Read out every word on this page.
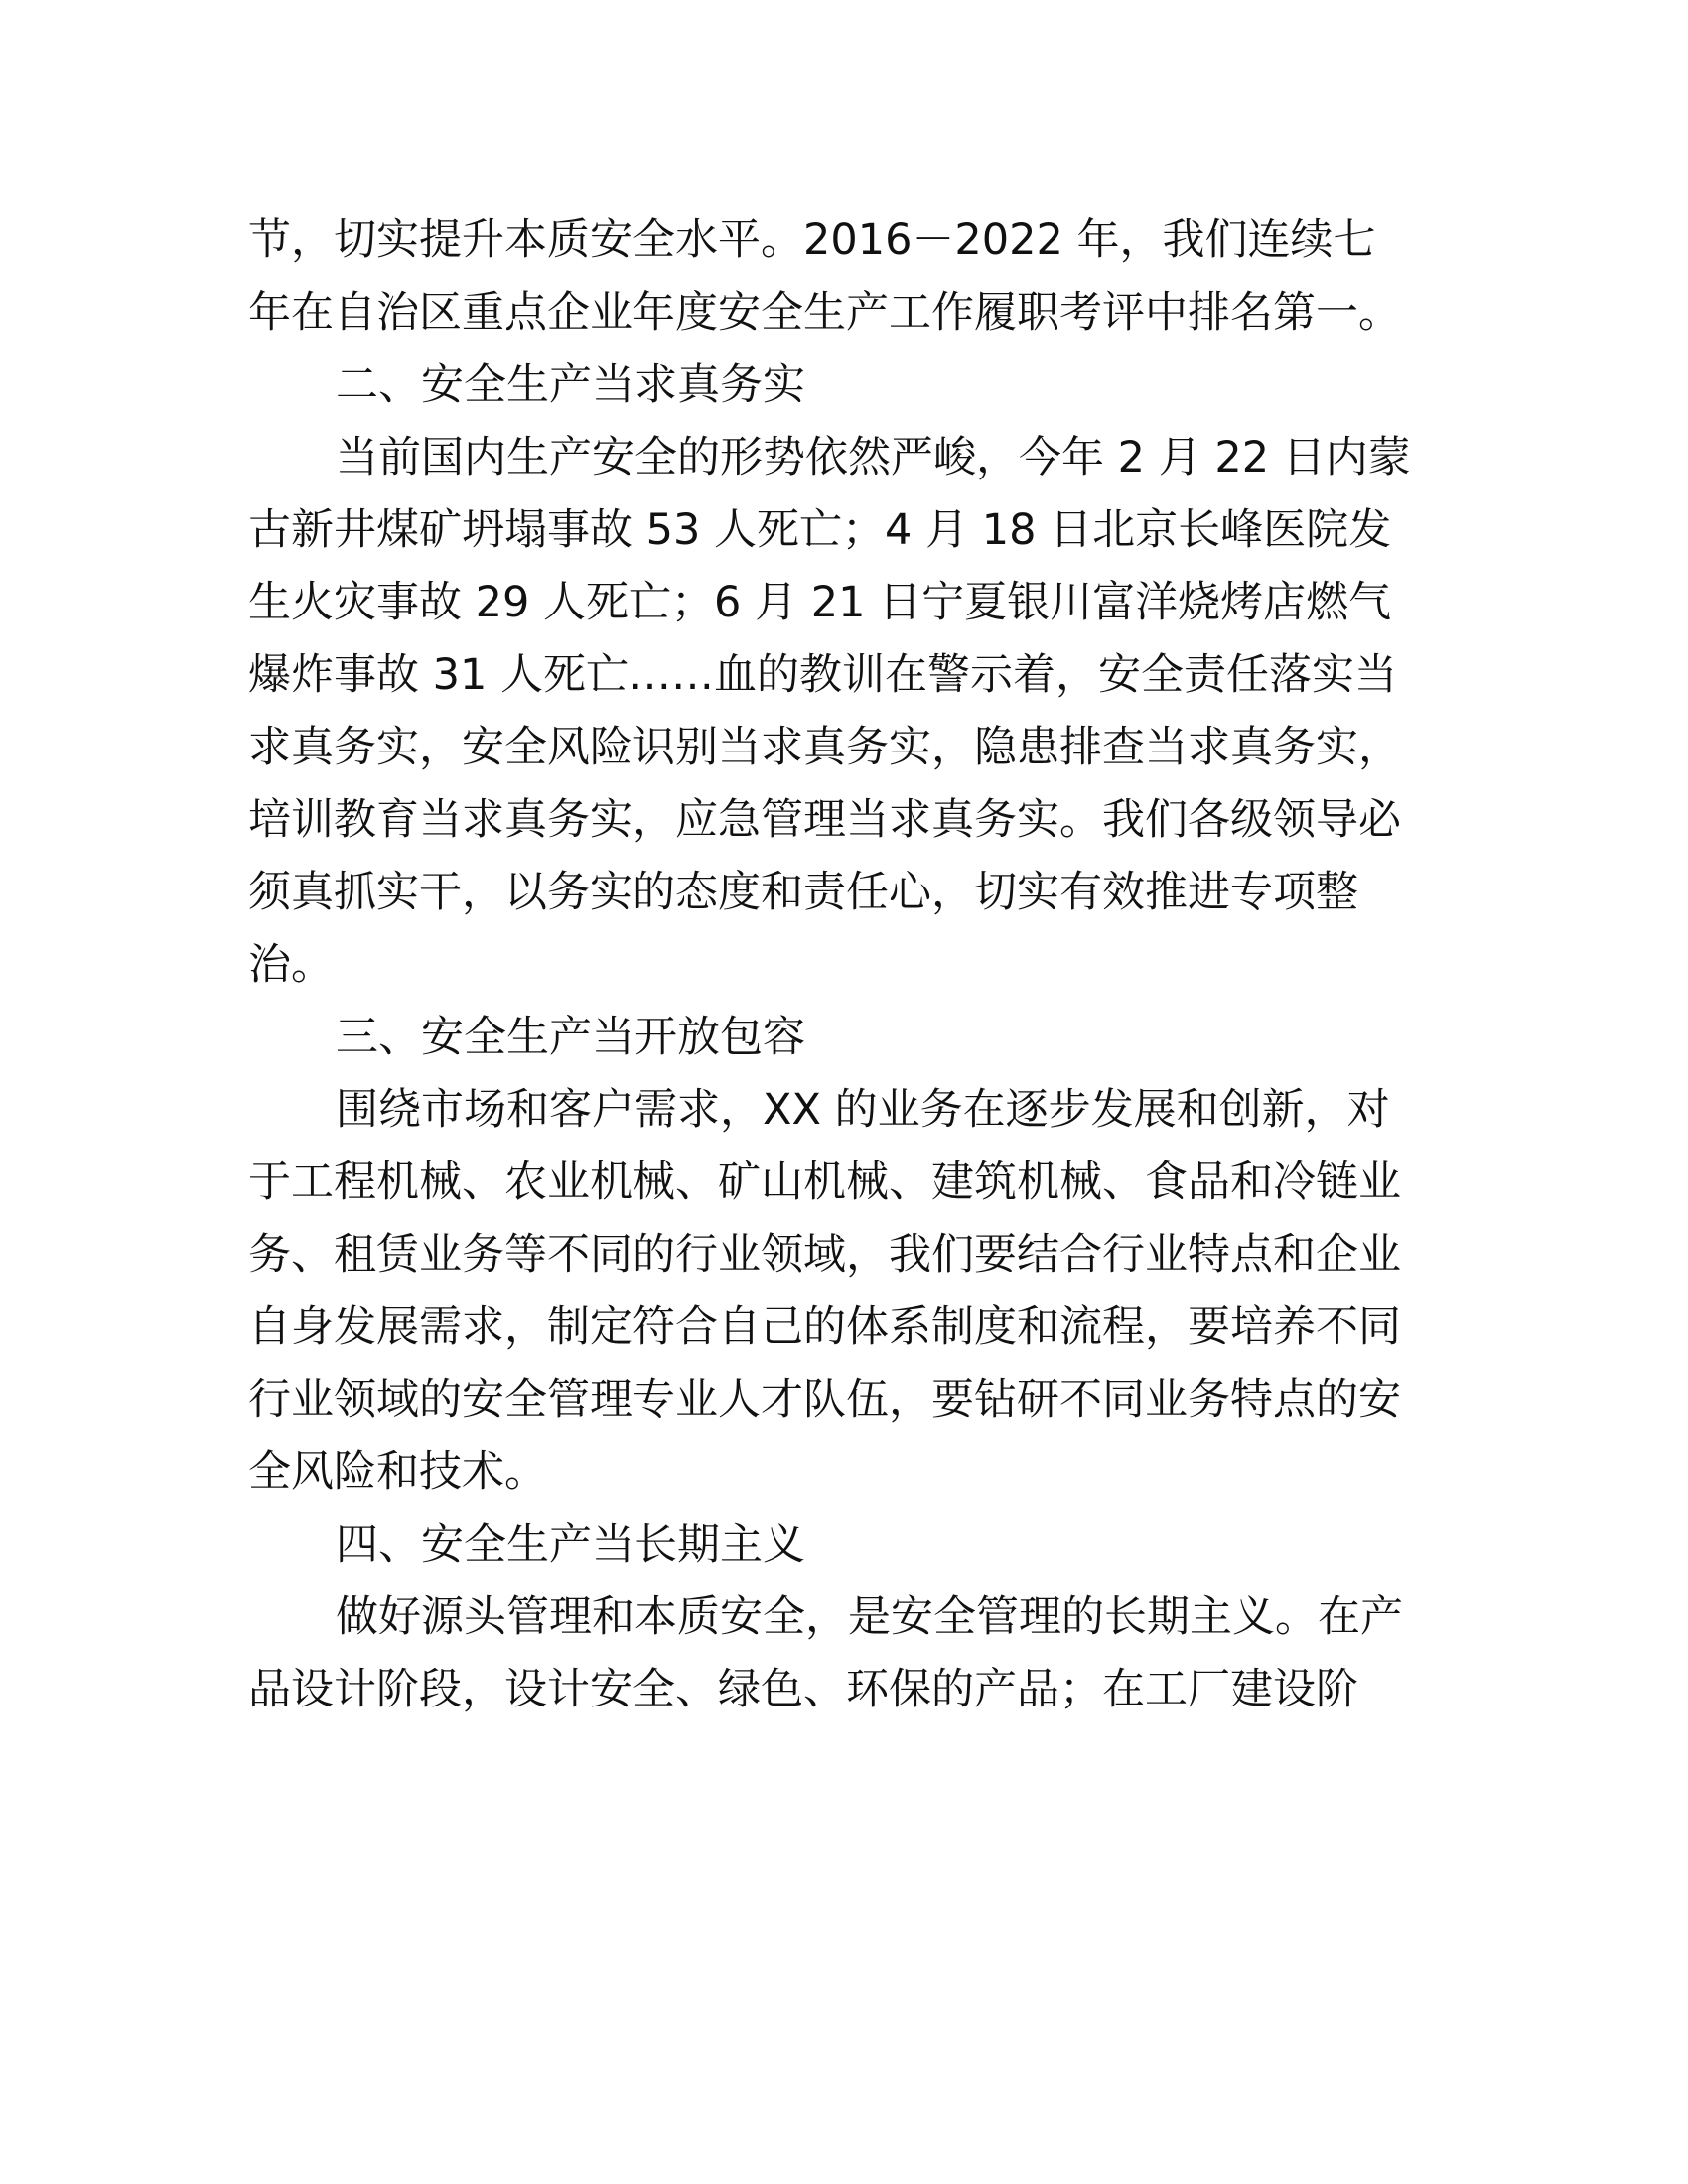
节，切实提升本质安全水平。2016－2022 年，我们连续七
年在自治区重点企业年度安全生产工作履职考评中排名第一。
二、安全生产当求真务实
当前国内生产安全的形势依然严峻，今年 2 月 22 日内蒙
古新井煤矿坍塌事故 53 人死亡；4 月 18 日北京长峰医院发
生火灾事故 29 人死亡；6 月 21 日宁夏银川富洋烧烤店燃气
爆炸事故 31 人死亡……血的教训在警示着，安全责任落实当
求真务实，安全风险识别当求真务实，隐患排查当求真务实，
培训教育当求真务实，应急管理当求真务实。我们各级领导必
须真抓实干，以务实的态度和责任心，切实有效推进专项整
治。
三、安全生产当开放包容
围绕市场和客户需求，XX 的业务在逐步发展和创新，对
于工程机械、农业机械、矿山机械、建筑机械、食品和冷链业
务、租赁业务等不同的行业领域，我们要结合行业特点和企业
自身发展需求，制定符合自己的体系制度和流程，要培养不同
行业领域的安全管理专业人才队伍，要钻研不同业务特点的安
全风险和技术。
四、安全生产当长期主义
做好源头管理和本质安全，是安全管理的长期主义。在产
品设计阶段，设计安全、绿色、环保的产品；在工厂建设阶
